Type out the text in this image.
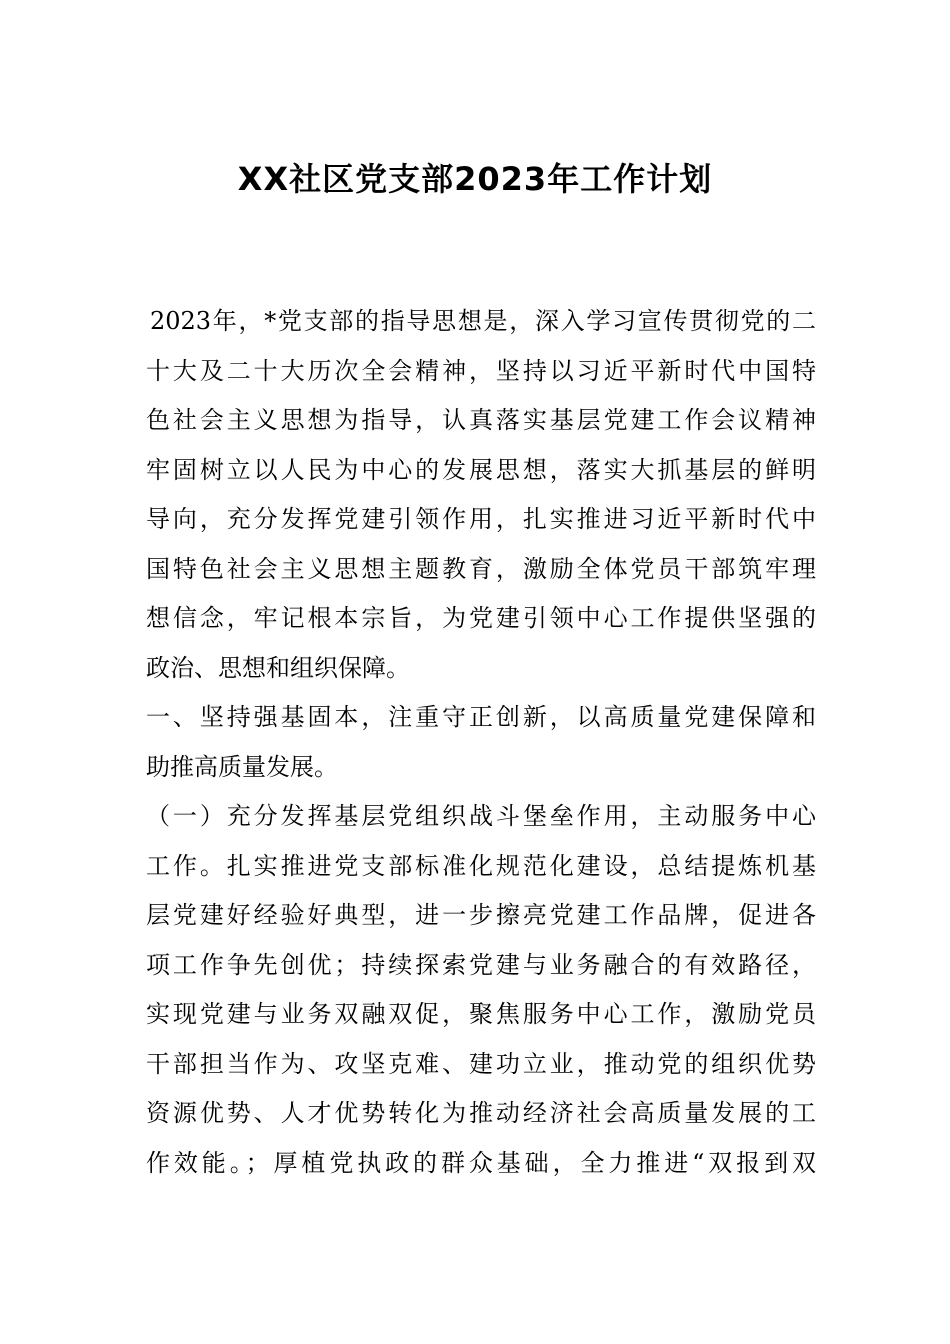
XX社区党支部2023年工作计划
2023年，*党支部的指导思想是，深入学习宣传贯彻党的二
十大及二十大历次全会精神，坚持以习近平新时代中国特
色社会主义思想为指导，认真落实基层党建工作会议精神
牢固树立以人民为中心的发展思想，落实大抓基层的鲜明
导向，充分发挥党建引领作用，扎实推进习近平新时代中
国特色社会主义思想主题教育，激励全体党员干部筑牢理
想信念，牢记根本宗旨，为党建引领中心工作提供坚强的
政治、思想和组织保障。
一、坚持强基固本，注重守正创新，以高质量党建保障和
助推高质量发展。
（一）充分发挥基层党组织战斗堡垒作用，主动服务中心
工作。扎实推进党支部标准化规范化建设，总结提炼机基
层党建好经验好典型，进一步擦亮党建工作品牌，促进各
项工作争先创优；持续探索党建与业务融合的有效路径，
实现党建与业务双融双促，聚焦服务中心工作，激励党员
干部担当作为、攻坚克难、建功立业，推动党的组织优势
资源优势、人才优势转化为推动经济社会高质量发展的工
作效能。；厚植党执政的群众基础，全力推进“双报到双
